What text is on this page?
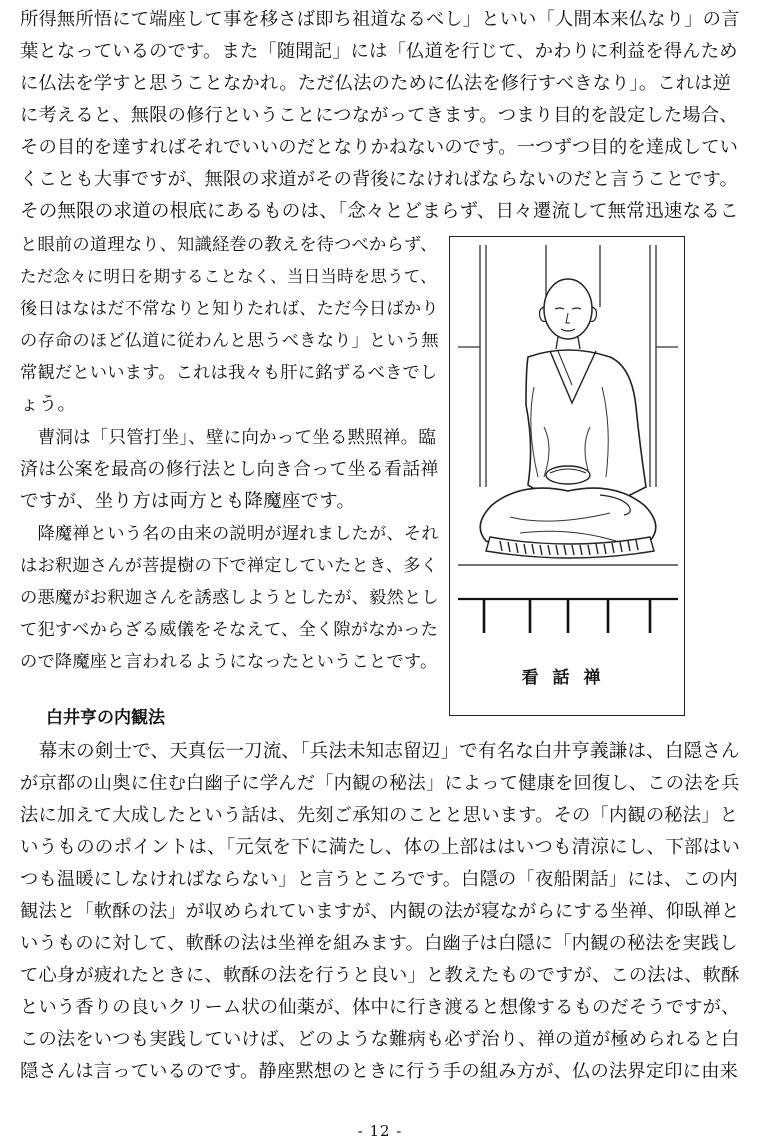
所得無所悟にて端座して事を移さば即ち祖道なるべし」といい「人間本来仏なり」の言
葉となっているのです。また「随聞記」には「仏道を行じて、かわりに利益を得んため
に仏法を学すと思うことなかれ。ただ仏法のために仏法を修行すべきなり」。これは逆
に考えると、無限の修行ということにつながってきます。つまり目的を設定した場合、
その目的を達すればそれでいいのだとなりかねないのです。一つずつ目的を達成してい
くことも大事ですが、無限の求道がその背後になければならないのだと言うことです。
その無限の求道の根底にあるものは、「念々とどまらず、日々遷流して無常迅速なるこ
と眼前の道理なり、知識経巻の教えを待つべからず、
ただ念々に明日を期することなく、当日当時を思うて、
後日はなはだ不常なりと知りたれば、ただ今日ばかり
の存命のほど仏道に従わんと思うべきなり」という無
常観だといいます。これは我々も肝に銘ずるべきでし
ょう。
　曹洞は「只管打坐」、壁に向かって坐る黙照禅。臨
済は公案を最高の修行法とし向き合って坐る看話禅
ですが、坐り方は両方とも降魔座です。
　降魔禅という名の由来の説明が遅れましたが、それ
はお釈迦さんが菩提樹の下で禅定していたとき、多く
の悪魔がお釈迦さんを誘惑しようとしたが、毅然とし
て犯すべからざる威儀をそなえて、全く隙がなかった
ので降魔座と言われるようになったということです。
看話禅
白井亨の内観法
　幕末の剣士で、天真伝一刀流、「兵法未知志留辺」で有名な白井亨義謙は、白隠さん
が京都の山奥に住む白幽子に学んだ「内観の秘法」によって健康を回復し、この法を兵
法に加えて大成したという話は、先刻ご承知のことと思います。その「内観の秘法」と
いうもののポイントは、「元気を下に満たし、体の上部ははいつも清涼にし、下部はい
つも温暖にしなければならない」と言うところです。白隠の「夜船閑話」には、この内
観法と「軟酥の法」が収められていますが、内観の法が寝ながらにする坐禅、仰臥禅と
いうものに対して、軟酥の法は坐禅を組みます。白幽子は白隠に「内観の秘法を実践し
て心身が疲れたときに、軟酥の法を行うと良い」と教えたものですが、この法は、軟酥
という香りの良いクリーム状の仙薬が、体中に行き渡ると想像するものだそうですが、
この法をいつも実践していけば、どのような難病も必ず治り、禅の道が極められると白
隠さんは言っているのです。静座黙想のときに行う手の組み方が、仏の法界定印に由来
- 12 -
